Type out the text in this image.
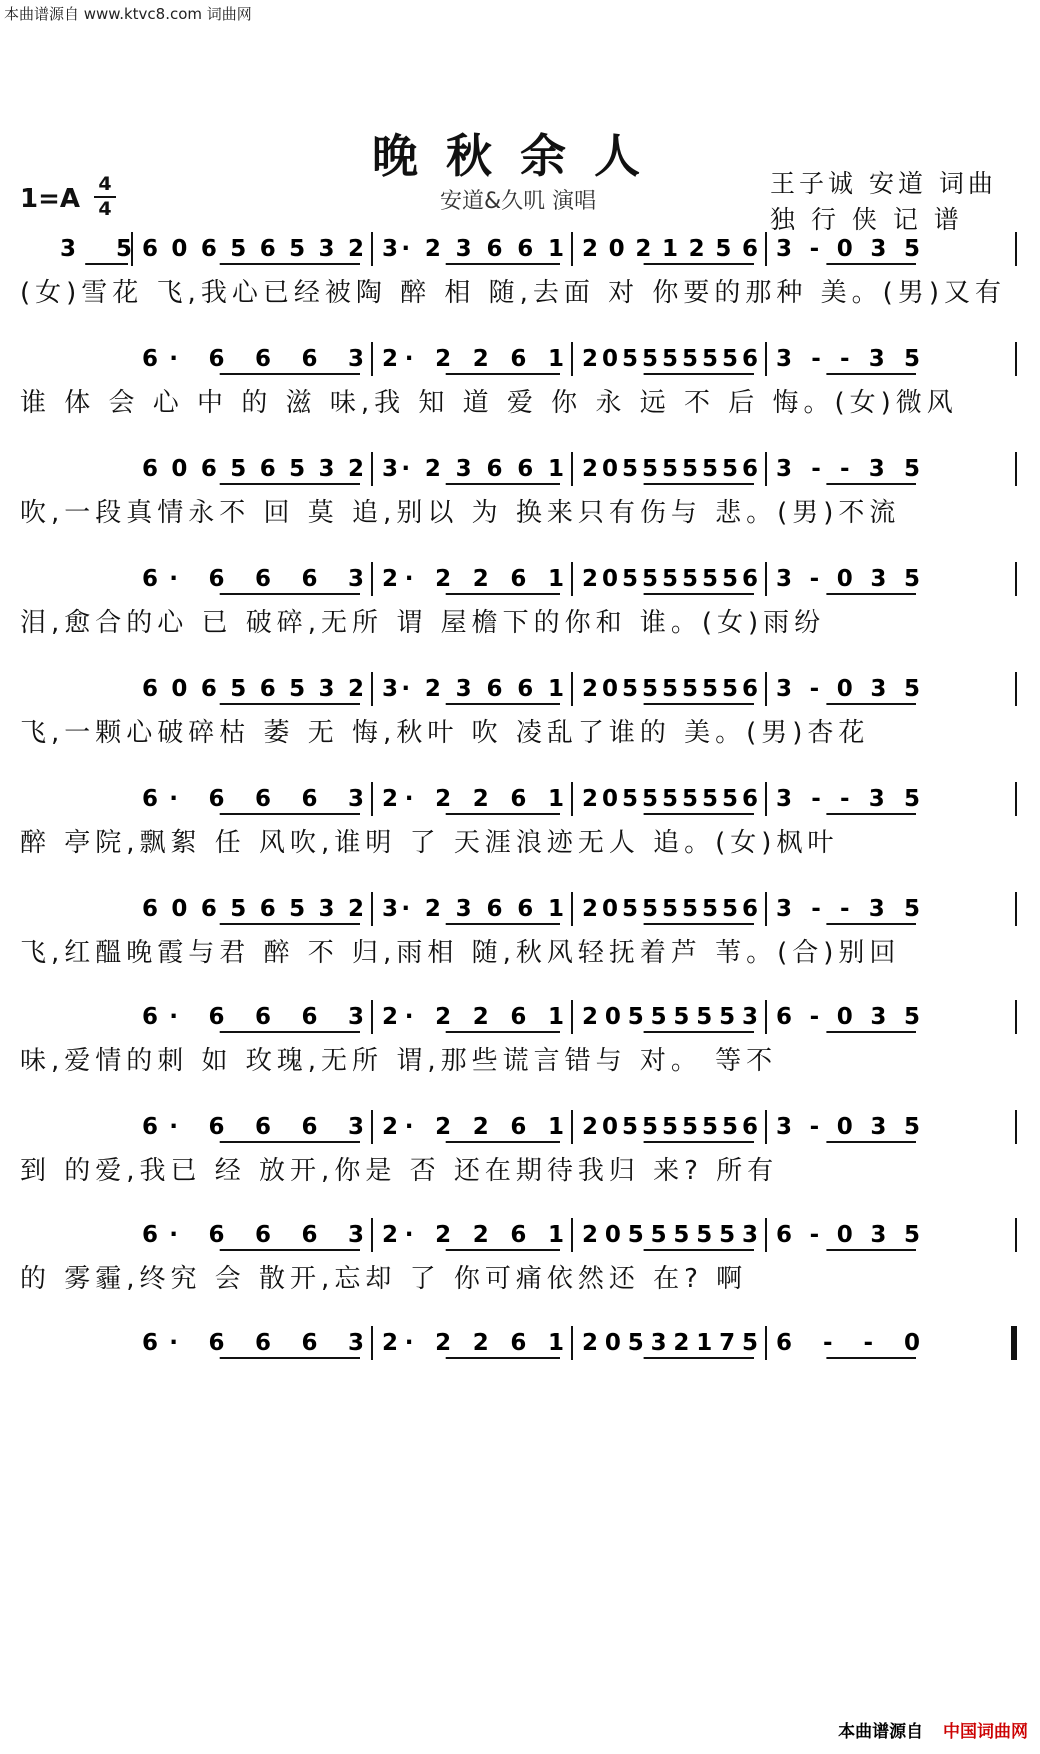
本曲谱源自 www.ktvc8.com 词曲网
晚秋余人
1=A 4
4	安道&久叽 演唱
王子诚 安道 词曲
独 行 侠 记 谱
3 5 6 0 6 5 6 5 3 2 3· 2 3 6 6 1 2 0 2 1 2 5 6 3 - 0 3 5
(女)雪花 飞,我心已经被陶 醉 相 随,去面 对 你要的那种 美。(男)又有
6· 6 6 6 3 2· 2 2 6 1 2 0 5 5 5 5 5 5 6 3 - - 3 5
谁 体 会 心 中 的 滋 味,我 知 道 爱 你 永 远 不 后 悔。(女)微风
6 0 6 5 6 5 3 2 3· 2 3 6 6 1 2 0 5 5 5 5 5 5 6 3 - - 3 5
吹,一段真情永不 回 莫 追,别以 为 换来只有伤与 悲。(男)不流
6· 6 6 6 3 2· 2 2 6 1 2 0 5 5 5 5 5 5 6 3 - 0 3 5
泪,愈合的心 已 破碎,无所 谓 屋檐下的你和 谁。(女)雨纷
6 0 6 5 6 5 3 2 3· 2 3 6 6 1 2 0 5 5 5 5 5 5 6 3 - 0 3 5
飞,一颗心破碎枯 萎 无 悔,秋叶 吹 凌乱了谁的 美。(男)杏花
6· 6 6 6 3 2· 2 2 6 1 2 0 5 5 5 5 5 5 6 3 - - 3 5
醉 亭院,飘絮 任 风吹,谁明 了 天涯浪迹无人 追。(女)枫叶
6 0 6 5 6 5 3 2 3· 2 3 6 6 1 2 0 5 5 5 5 5 5 6 3 - - 3 5
飞,红醞晚霞与君 醉 不 归,雨相 随,秋风轻抚着芦 苇。(合)别回
6· 6 6 6 3 2· 2 2 6 1 2 0 5 5 5 5 5 3 6 - 0 3 5
味,爱情的刺 如 玫瑰,无所 谓,那些谎言错与 对。 等不
6· 6 6 6 3 2· 2 2 6 1 2 0 5 5 5 5 5 5 6 3 - 0 3 5
到 的爱,我已 经 放开,你是 否 还在期待我归 来? 所有
6· 6 6 6 3 2· 2 2 6 1 2 0 5 5 5 5 5 3 6 - 0 3 5
的 雾霾,终究 会 散开,忘却 了 你可痛依然还 在? 啊
6· 6 6 6 3 2· 2 2 6 1 2 0 5 3 2 1 7 5 6 - - 0
本曲谱源自 中国词曲网
